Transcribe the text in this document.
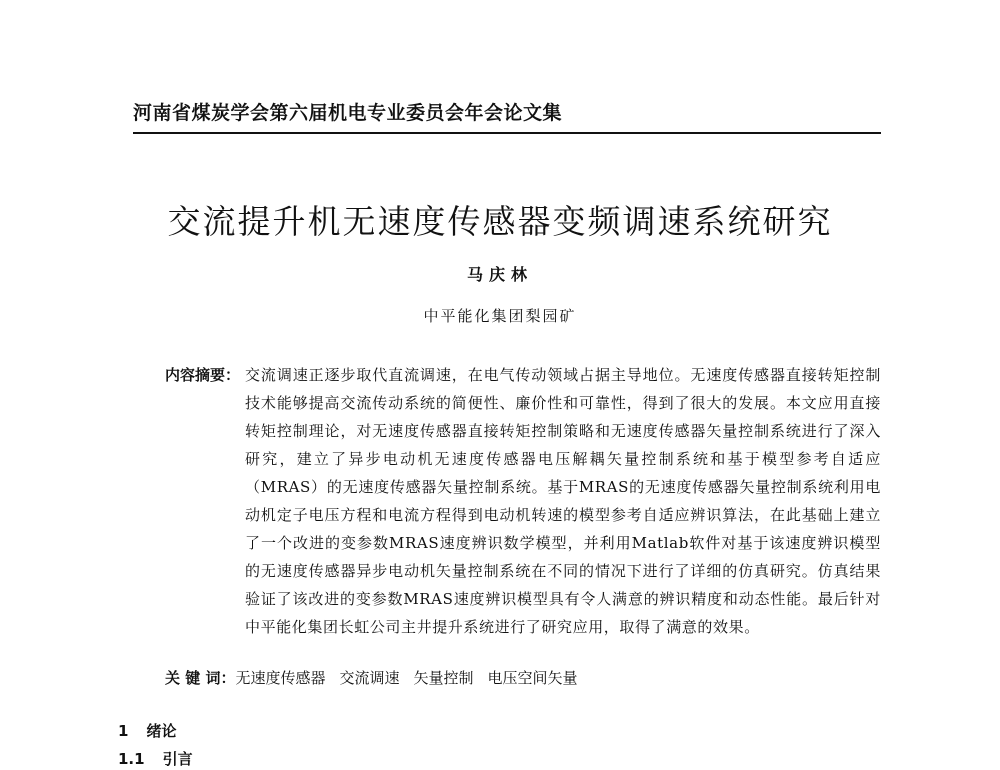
河南省煤炭学会第六届机电专业委员会年会论文集
交流提升机无速度传感器变频调速系统研究
马庆林
中平能化集团梨园矿
内容摘要： 交流调速正逐步取代直流调速，在电气传动领域占据主导地位。无速度传感器直接转矩控制技术能够提高交流传动系统的简便性、廉价性和可靠性，得到了很大的发展。本文应用直接转矩控制理论，对无速度传感器直接转矩控制策略和无速度传感器矢量控制系统进行了深入研究，建立了异步电动机无速度传感器电压解耦矢量控制系统和基于模型参考自适应（MRAS）的无速度传感器矢量控制系统。基于MRAS的无速度传感器矢量控制系统利用电动机定子电压方程和电流方程得到电动机转速的模型参考自适应辨识算法，在此基础上建立了一个改进的变参数MRAS速度辨识数学模型，并利用Matlab软件对基于该速度辨识模型的无速度传感器异步电动机矢量控制系统在不同的情况下进行了详细的仿真研究。仿真结果验证了该改进的变参数MRAS速度辨识模型具有令人满意的辨识精度和动态性能。最后针对中平能化集团长虹公司主井提升系统进行了研究应用，取得了满意的效果。
关 键 词：无速度传感器 交流调速 矢量控制 电压空间矢量
1 绪论
1.1 引言
